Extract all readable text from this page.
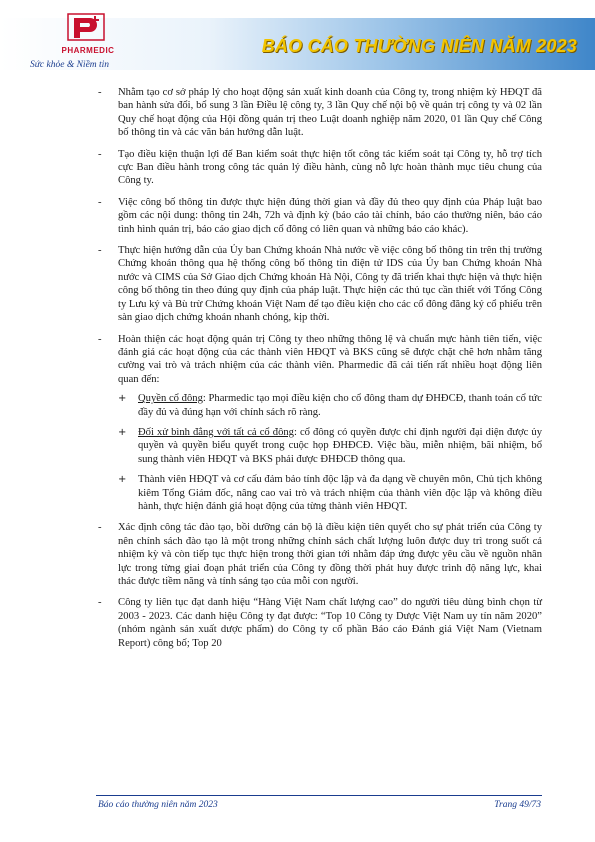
PHARMEDIC
Sức khỏe & Niềm tin
BÁO CÁO THƯỜNG NIÊN NĂM 2023
-	Nhằm tạo cơ sở pháp lý cho hoạt động sản xuất kinh doanh của Công ty, trong nhiệm kỳ HĐQT đã ban hành sửa đổi, bổ sung 3 lần Điều lệ công ty, 3 lần Quy chế nội bộ về quản trị công ty và 02 lần Quy chế hoạt động của Hội đồng quản trị theo Luật doanh nghiệp năm 2020, 01 lần Quy chế Công bố thông tin và các văn bản hướng dẫn luật.
-	Tạo điều kiện thuận lợi để Ban kiểm soát thực hiện tốt công tác kiểm soát tại Công ty, hỗ trợ tích cực Ban điều hành trong công tác quản lý điều hành, cùng nỗ lực hoàn thành mục tiêu chung của Công ty.
-	Việc công bố thông tin được thực hiện đúng thời gian và đầy đủ theo quy định của Pháp luật bao gồm các nội dung: thông tin 24h, 72h và định kỳ (báo cáo tài chính, báo cáo thường niên, báo cáo tình hình quản trị, báo cáo giao dịch cổ đông có liên quan và những báo cáo khác).
-	Thực hiện hướng dẫn của Ủy ban Chứng khoán Nhà nước về việc công bố thông tin trên thị trường Chứng khoán thông qua hệ thống công bố thông tin điện tử IDS của Ủy ban Chứng khoán Nhà nước và CIMS của Sở Giao dịch Chứng khoán Hà Nội, Công ty đã triển khai thực hiện và thực hiện công bố thông tin theo đúng quy định của pháp luật. Thực hiện các thủ tục cần thiết với Tổng Công ty Lưu ký và Bù trừ Chứng khoán Việt Nam để tạo điều kiện cho các cổ đông đăng ký cổ phiếu trên sàn giao dịch chứng khoán nhanh chóng, kịp thời.
-	Hoàn thiện các hoạt động quản trị Công ty theo những thông lệ và chuẩn mực hành tiên tiến, việc đánh giá các hoạt động của các thành viên HĐQT và BKS cũng sẽ được chặt chẽ hơn nhằm tăng cường vai trò và trách nhiệm của các thành viên. Pharmedic đã cải tiến rất nhiều hoạt động liên quan đến:
+ Quyền cổ đông: Pharmedic tạo mọi điều kiện cho cổ đông tham dự ĐHĐCĐ, thanh toán cổ tức đầy đủ và đúng hạn với chính sách rõ ràng.
+ Đối xử bình đẳng với tất cả cổ đông: cổ đông có quyền được chỉ định người đại diện được ủy quyền và quyền biểu quyết trong cuộc họp ĐHĐCĐ. Việc bầu, miễn nhiệm, bãi nhiệm, bổ sung thành viên HĐQT và BKS phải được ĐHĐCĐ thông qua.
+ Thành viên HĐQT và cơ cấu đảm bảo tính độc lập và đa dạng về chuyên môn, Chủ tịch không kiêm Tổng Giám đốc, nâng cao vai trò và trách nhiệm của thành viên độc lập và không điều hành, thực hiện đánh giá hoạt động của từng thành viên HĐQT.
-	Xác định công tác đào tạo, bồi dưỡng cán bộ là điều kiện tiên quyết cho sự phát triển của Công ty nên chính sách đào tạo là một trong những chính sách chất lượng luôn được duy trì trong suốt cả nhiệm kỳ và còn tiếp tục thực hiện trong thời gian tới nhằm đáp ứng được yêu cầu về nguồn nhân lực trong từng giai đoạn phát triển của Công ty đồng thời phát huy được trình độ năng lực, khai thác được tiềm năng và tính sáng tạo của mỗi con người.
-	Công ty liên tục đạt danh hiệu “Hàng Việt Nam chất lượng cao” do người tiêu dùng bình chọn từ 2003 - 2023. Các danh hiệu Công ty đạt được: “Top 10 Công ty Dược Việt Nam uy tín năm 2020” (nhóm ngành sản xuất dược phẩm) do Công ty cổ phần Báo cáo Đánh giá Việt Nam (Vietnam Report) công bố; Top 20
Báo cáo thường niên năm 2023	Trang 49/73
